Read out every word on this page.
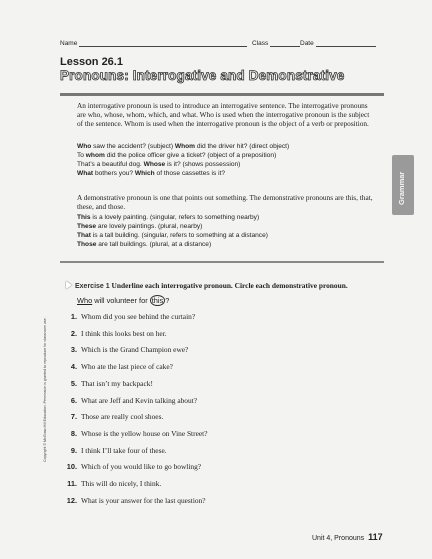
Name	Class	Date
Lesson 26.1
Pronouns: Interrogative and Demonstrative
An interrogative pronoun is used to introduce an interrogative sentence. The interrogative pronouns are who, whose, whom, which, and what. Who is used when the interrogative pronoun is the subject of the sentence. Whom is used when the interrogative pronoun is the object of a verb or preposition.
Who saw the accident? (subject) Whom did the driver hit? (direct object)
To whom did the police officer give a ticket? (object of a preposition)
That’s a beautiful dog. Whose is it? (shows possession)
What bothers you? Which of those cassettes is it?
A demonstrative pronoun is one that points out something. The demonstrative pronouns are this, that, these, and those.
This is a lovely painting. (singular, refers to something nearby)
These are lovely paintings. (plural, nearby)
That is a tall building. (singular, refers to something at a distance)
Those are tall buildings. (plural, at a distance)
Grammar
Copyright © McGraw-Hill Education. Permission is granted to reproduce for classroom use.
Exercise 1 Underline each interrogative pronoun. Circle each demonstrative pronoun.
Who will volunteer for this ?
1. Whom did you see behind the curtain?
2. I think this looks best on her.
3. Which is the Grand Champion ewe?
4. Who ate the last piece of cake?
5. That isn’t my backpack!
6. What are Jeff and Kevin talking about?
7. Those are really cool shoes.
8. Whose is the yellow house on Vine Street?
9. I think I’ll take four of these.
10. Which of you would like to go bowling?
11. This will do nicely, I think.
12. What is your answer for the last question?
Unit 4, Pronouns 117
